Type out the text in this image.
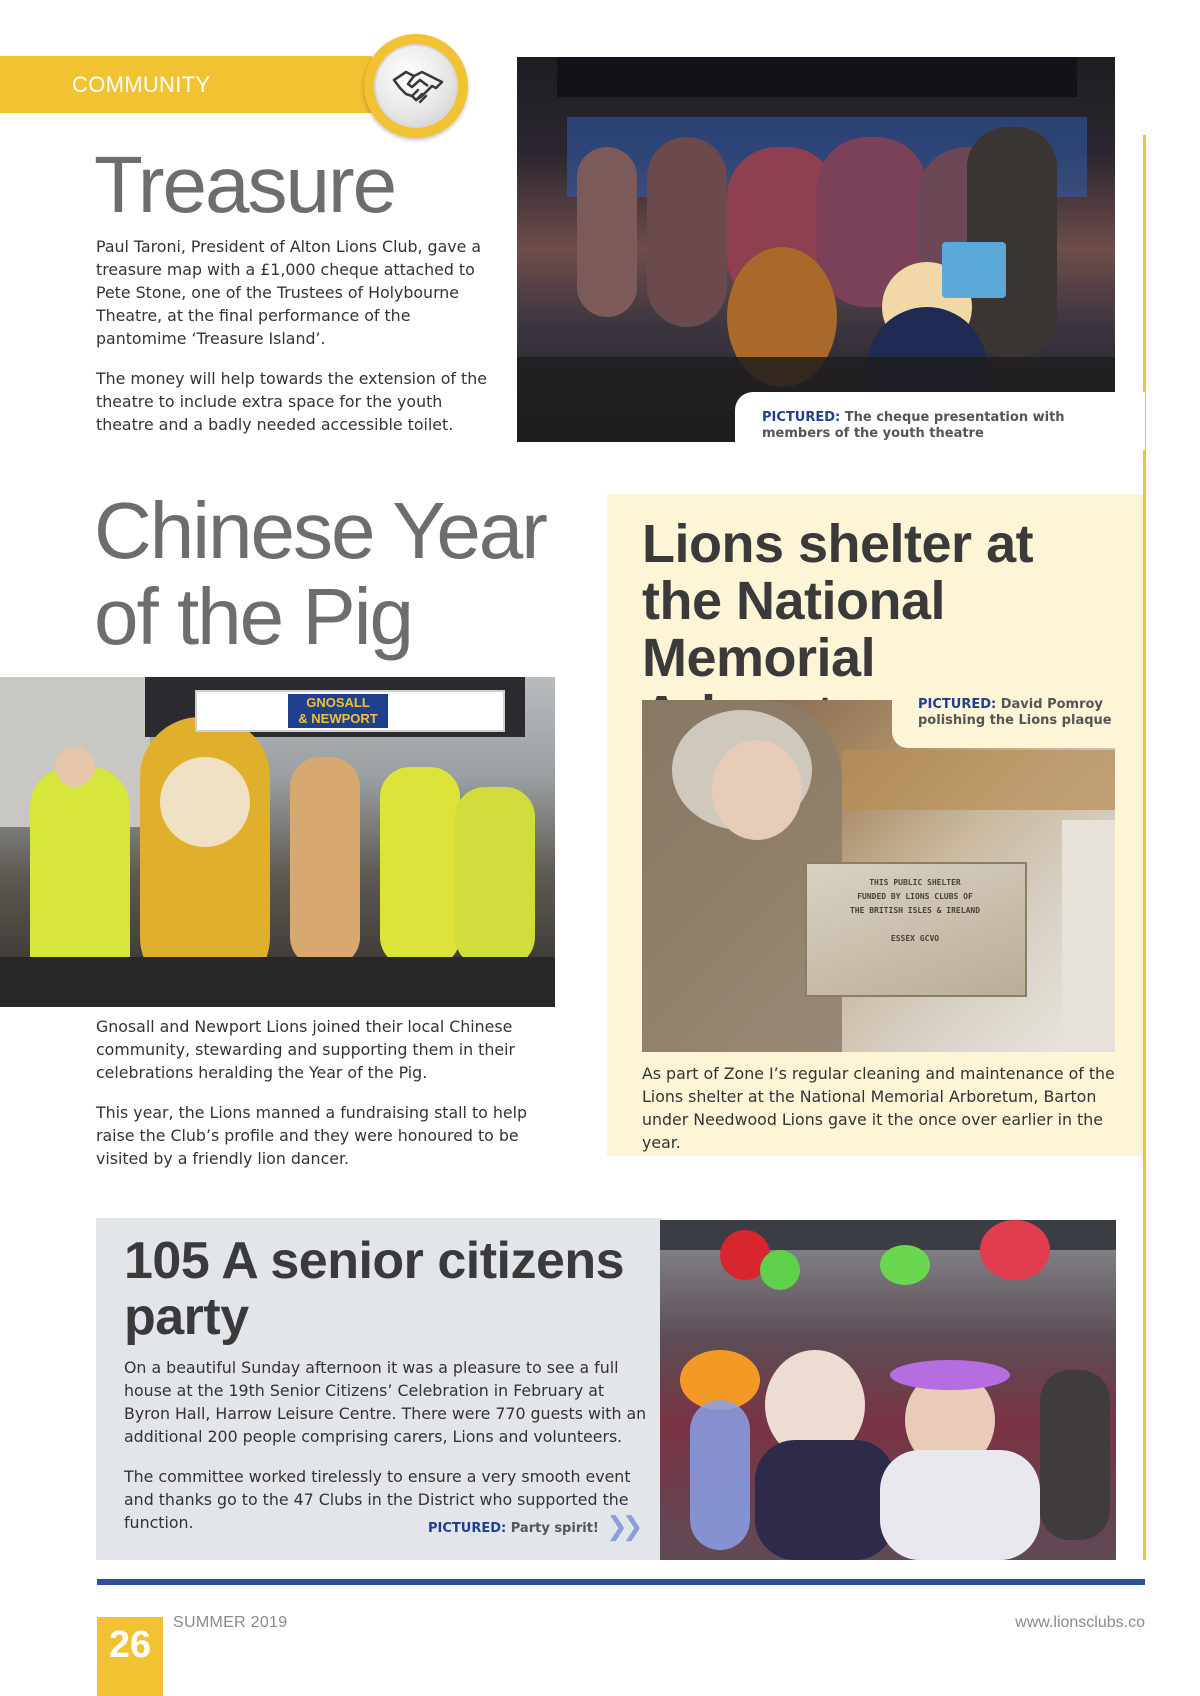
COMMUNITY
Treasure

Paul Taroni, President of Alton Lions Club, gave a treasure map with a £1,000 cheque attached to Pete Stone, one of the Trustees of Holybourne Theatre, at the final performance of the pantomime ‘Treasure Island’.

The money will help towards the extension of the theatre to include extra space for the youth theatre and a badly needed accessible toilet.	PICTURED: The cheque presentation with members of the youth theatre
Chinese Year
of the Pig
GNOSALL
& NEWPORT

Gnosall and Newport Lions joined their local Chinese community, stewarding and supporting them in their celebrations heralding the Year of the Pig.

This year, the Lions manned a fundraising stall to help raise the Club’s profile and they were honoured to be visited by a friendly lion dancer.

Lions shelter at the National Memorial
THIS PUBLIC SHELTER
FUNDED BY LIONS CLUBS OF
THE BRITISH ISLES & IRELAND
ESSEX GCVO
PICTURED: David Pomroy polishing the Lions plaque

As part of Zone I’s regular cleaning and maintenance of the Lions shelter at the National Memorial Arboretum, Barton under Needwood Lions gave it the once over earlier in the year.

105 A senior citizens party

On a beautiful Sunday afternoon it was a pleasure to see a full house at the 19th Senior Citizens’ Celebration in February at Byron Hall, Harrow Leisure Centre. There were 770 guests with an additional 200 people comprising carers, Lions and volunteers.

The committee worked tirelessly to ensure a very smooth event and thanks go to the 47 Clubs in the District who supported the function.	PICTURED: Party spirit! ❯❯
26
SUMMER 2019	www.lionsclubs.co
